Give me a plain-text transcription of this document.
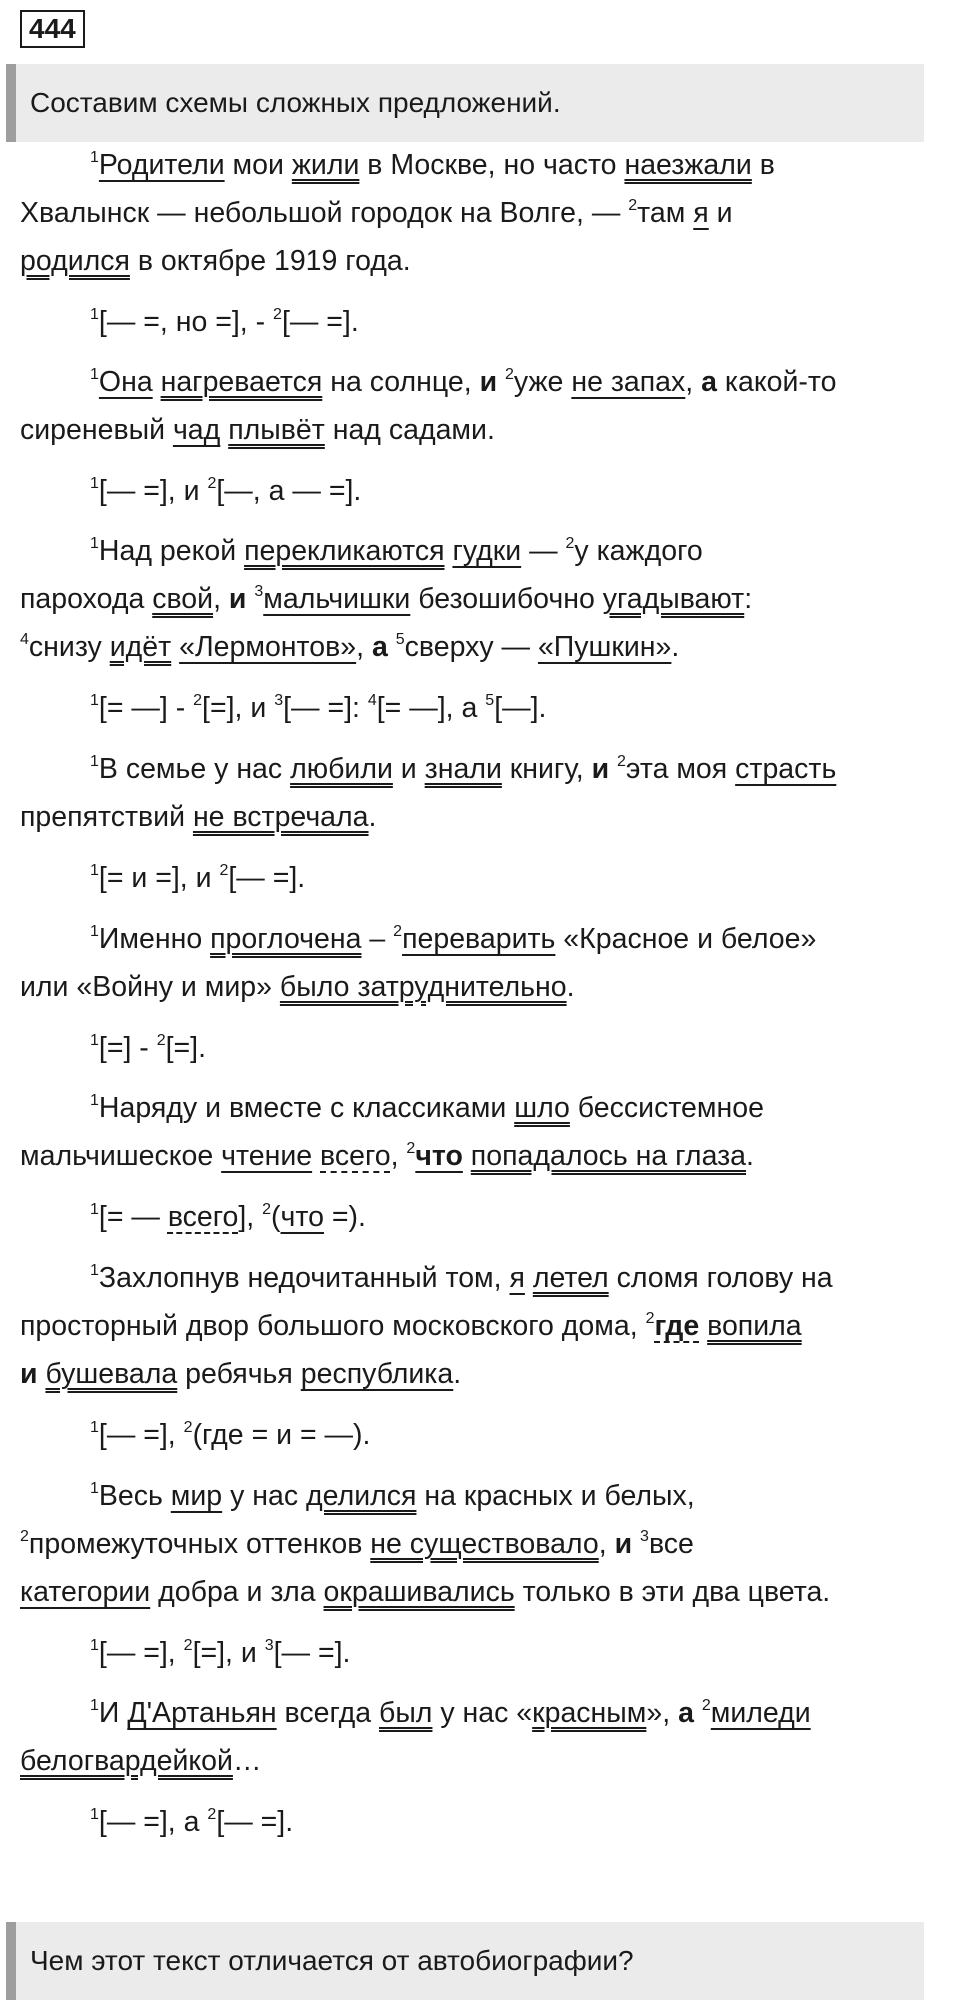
444
Составим схемы сложных предложений.

$^1$Родители мои жили в Москве, но часто наезжали в

Хвалынск — небольшой городок на Волге, — $^2$там я и

родился в октябре 1919 года.

$^1$[— =, но =], - $^2$[— =].

$^1$Она нагревается на солнце, и $^2$уже не запах, а какой-то

сиреневый чад плывёт над садами.

$^1$[— =], и $^2$[—, а — =].

$^1$Над рекой перекликаются гудки — $^2$у каждого

парохода свой, и $^3$мальчишки безошибочно угадывают:

$^4$снизу идёт «Лермонтов», а $^5$сверху — «Пушкин».

$^1$[= —] - $^2$[=], и $^3$[— =]: $^4$[= —], а $^5$[—].

$^1$В семье у нас любили и знали книгу, и $^2$эта моя страсть

препятствий не встречала.

$^1$[= и =], и $^2$[— =].

$^1$Именно проглочена – $^2$переварить «Красное и белое»

или «Войну и мир» было затруднительно.

$^1$[=] - $^2$[=].

$^1$Наряду и вместе с классиками шло бессистемное

мальчишеское чтение всего, $^2$что попадалось на глаза.

$^1$[= — всего], $^2$(что =).

$^1$Захлопнув недочитанный том, я летел сломя голову на

просторный двор большого московского дома, $^2$где вопила

и бушевала ребячья республика.

$^1$[— =], $^2$(где = и = —).

$^1$Весь мир у нас делился на красных и белых,

$^2$промежуточных оттенков не существовало, и $^3$все

категории добра и зла окрашивались только в эти два цвета.

$^1$[— =], $^2$[=], и $^3$[— =].

$^1$И Д'Артаньян всегда был у нас «красным», а $^2$миледи

белогвардейкой…

$^1$[— =], а $^2$[— =].

Чем этот текст отличается от автобиографии?
